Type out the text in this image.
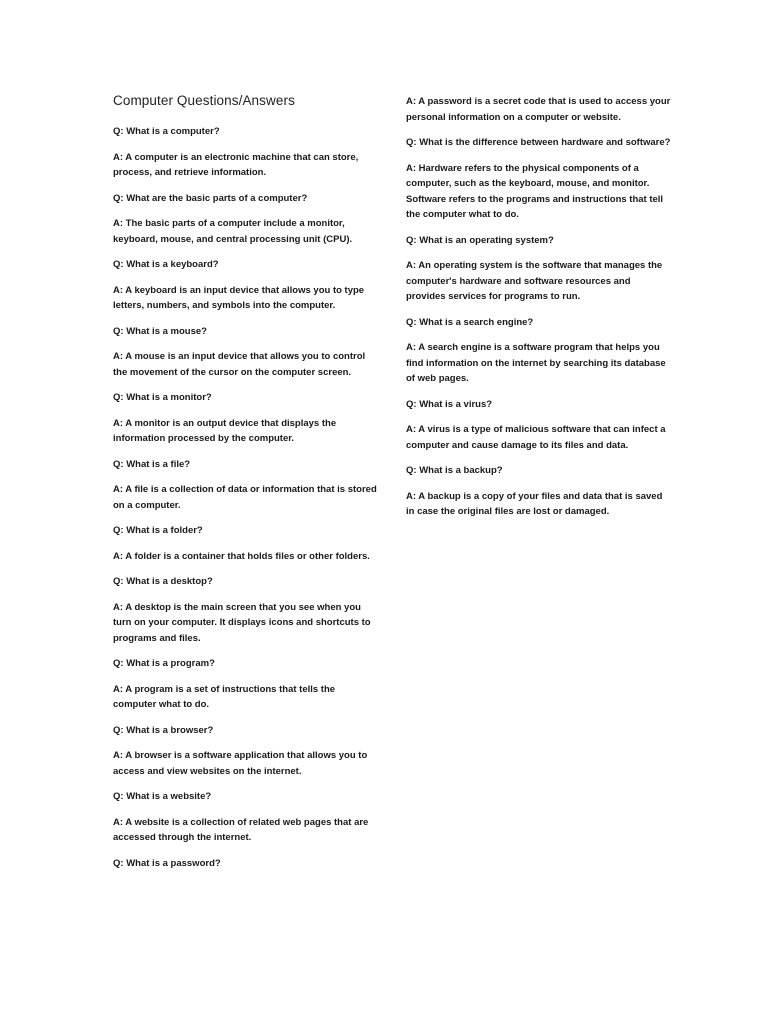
Computer Questions/Answers

Q: What is a computer?

A: A computer is an electronic machine that can store, process, and retrieve information.

Q: What are the basic parts of a computer?

A: The basic parts of a computer include a monitor, keyboard, mouse, and central processing unit (CPU).

Q: What is a keyboard?

A: A keyboard is an input device that allows you to type letters, numbers, and symbols into the computer.

Q: What is a mouse?

A: A mouse is an input device that allows you to control the movement of the cursor on the computer screen.

Q: What is a monitor?

A: A monitor is an output device that displays the information processed by the computer.

Q: What is a file?

A: A file is a collection of data or information that is stored on a computer.

Q: What is a folder?

A: A folder is a container that holds files or other folders.

Q: What is a desktop?

A: A desktop is the main screen that you see when you turn on your computer. It displays icons and shortcuts to programs and files.

Q: What is a program?

A: A program is a set of instructions that tells the computer what to do.

Q: What is a browser?

A: A browser is a software application that allows you to access and view websites on the internet.

Q: What is a website?

A: A website is a collection of related web pages that are accessed through the internet.

Q: What is a password?

A: A password is a secret code that is used to access your personal information on a computer or website.

Q: What is the difference between hardware and software?

A: Hardware refers to the physical components of a computer, such as the keyboard, mouse, and monitor. Software refers to the programs and instructions that tell the computer what to do.

Q: What is an operating system?

A: An operating system is the software that manages the computer's hardware and software resources and provides services for programs to run.

Q: What is a search engine?

A: A search engine is a software program that helps you find information on the internet by searching its database of web pages.

Q: What is a virus?

A: A virus is a type of malicious software that can infect a computer and cause damage to its files and data.

Q: What is a backup?

A: A backup is a copy of your files and data that is saved in case the original files are lost or damaged.
